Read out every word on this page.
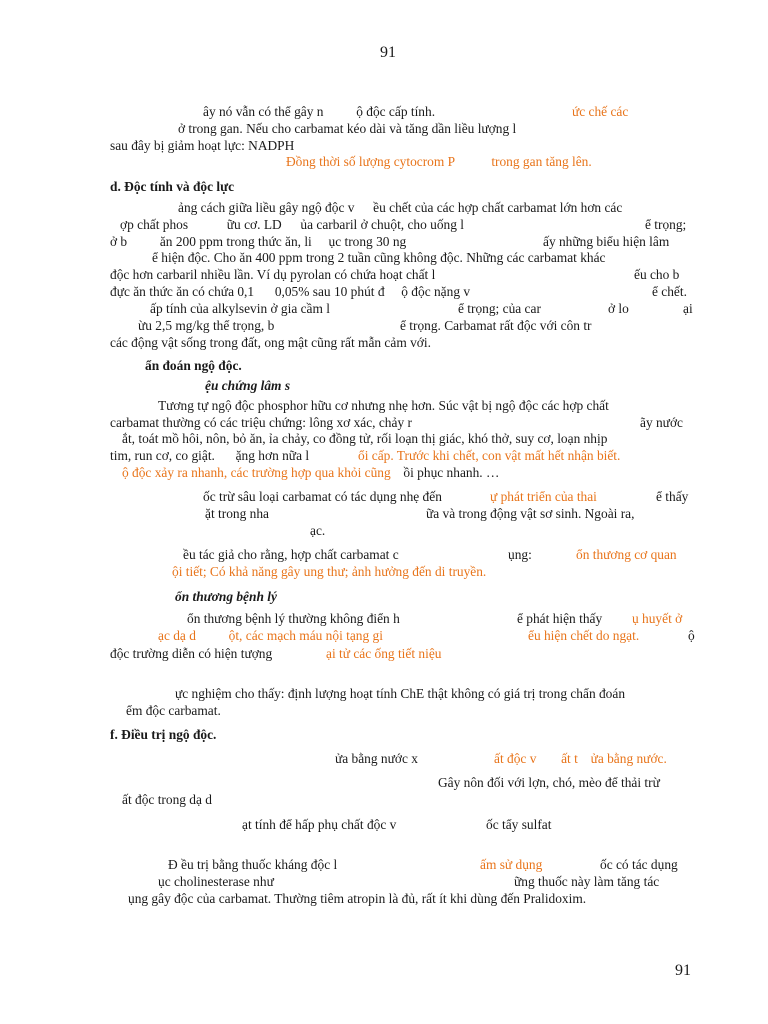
91
ây nó vẫn có thể gây n ộ độc cấp tính.	ức chế các
ở trong gan. Nếu cho carbamat kéo dài và tăng dần liều lượng l
sau đây bị giảm hoạt lực: NADPH
Đồng thời số lượng cytocrom P	trong gan tăng lên.
d. Độc tính và độc lực
ảng cách giữa liều gây ngộ độc v ều chết của các hợp chất carbamat lớn hơn các
ợp chất phos	ữu cơ. LD ủa carbaril ở chuột, cho uống l	ể trọng;
ở b ăn 200 ppm trong thức ăn, li ục trong 30 ng	ấy những biểu hiện lâm
ể hiện độc. Cho ăn 400 ppm trong 2 tuần cũng không độc. Những các carbamat khác
độc hơn carbaril nhiều lần. Ví dụ pyrolan có chứa hoạt chất l	ếu cho b
đực ăn thức ăn có chứa 0,1 0,05% sau 10 phút đ ộ độc nặng v	ể chết.
ấp tính của alkylsevin ở gia cầm l	ể trọng; của car	ở lo	ại
ừu 2,5 mg/kg thể trọng, b	ể trọng. Carbamat rất độc với côn tr
các động vật sống trong đất, ong mật cũng rất mẫn cảm với.
ẩn đoán ngộ độc.
ệu chứng lâm s
Tương tự ngộ độc phosphor hữu cơ nhưng nhẹ hơn. Súc vật bị ngộ độc các hợp chất
carbamat thường có các triệu chứng: lông xơ xác, chảy r	ãy nước
ắt, toát mồ hôi, nôn, bỏ ăn, ỉa chảy, co đồng tử, rối loạn thị giác, khó thở, suy cơ, loạn nhịp
tim, run cơ, co giật. ặng hơn nữa l	ổi cấp. Trước khi chết, con vật mất hết nhận biết.
ộ độc xảy ra nhanh, các trường hợp qua khỏi cũng ồi phục nhanh. …
ốc trừ sâu loại carbamat có tác dụng nhẹ đến	ự phát triển của thai	ể thấy
ặt trong nha	ữa và trong động vật sơ sinh. Ngoài ra,
ạc.
ều tác giả cho rằng, hợp chất carbamat c	ụng:	ổn thương cơ quan
ội tiết; Có khả năng gây ung thư; ảnh hưởng đến di truyền.
ổn thương bệnh lý
ổn thương bệnh lý thường không điển h	ể phát hiện thấy ụ huyết ở
ạc dạ d ột, các mạch máu nội tạng gi	ểu hiện chết do ngạt.	ộ
độc trường diễn có hiện tượng	ại tử các ống tiết niệu
ực nghiệm cho thấy: định lượng hoạt tính ChE thật không có giá trị trong chẩn đoán
ểm độc carbamat.
f. Điều trị ngộ độc.
ửa bằng nước x	ất độc v ất t ửa bằng nước.
Gây nôn đối với lợn, chó, mèo để thải trừ
ất độc trong dạ d
ạt tính để hấp phụ chất độc v	ốc tẩy sulfat
Đ ều trị bằng thuốc kháng độc l	ấm sử dụng	ốc có tác dụng
ục cholinesterase như	ững thuốc này làm tăng tác
ụng gây độc của carbamat. Thường tiêm atropin là đủ, rất ít khi dùng đến Pralidoxim.
91
